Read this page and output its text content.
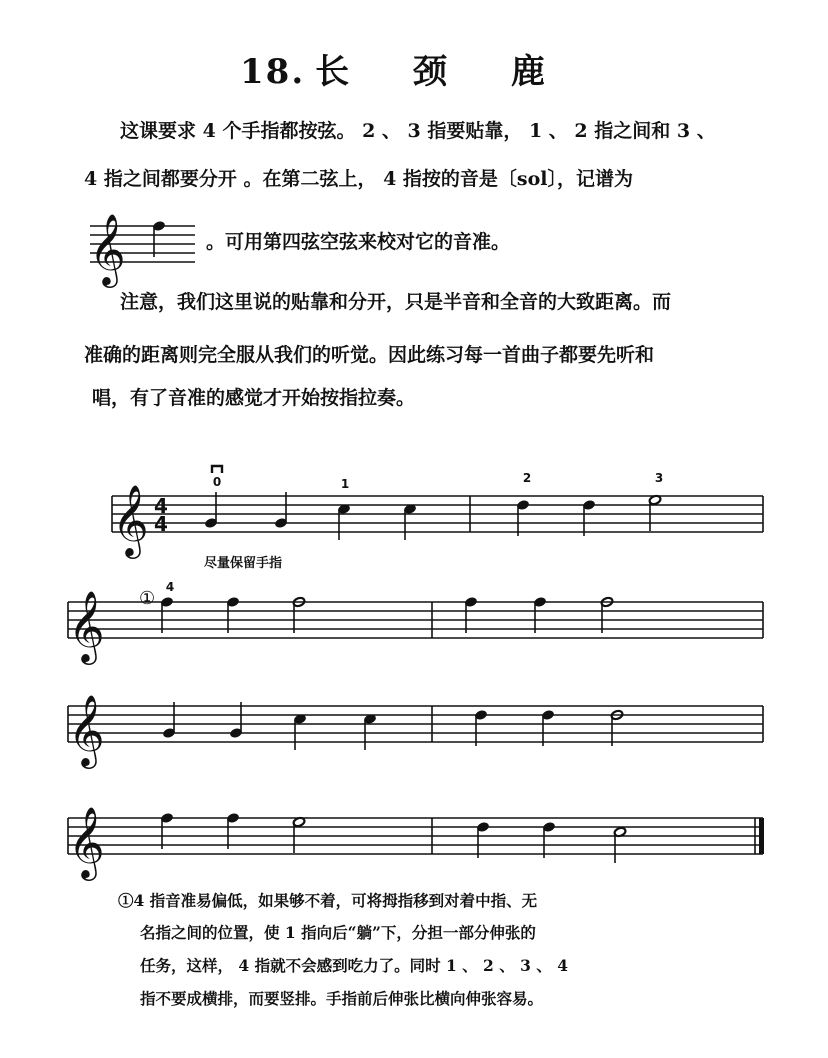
18. 长 颈 鹿
这课要求 4 个手指都按弦。 2 、 3 指要贴靠， 1 、 2 指之间和 3 、
4 指之间都要分开 。在第二弦上， 4 指按的音是〔sol〕，记谱为
。可用第四弦空弦来校对它的音准。
注意，我们这里说的贴靠和分开，只是半音和全音的大致距离。而
准确的距离则完全服从我们的听觉。因此练习每一首曲子都要先听和
唱，有了音准的感觉才开始按指拉奏。
𝄞
𝄞
𝄞
𝄞
𝄞
4
4
0	1	2	3
4
①
尽量保留手指
①4 指音准易偏低，如果够不着，可将拇指移到对着中指、无
名指之间的位置，使 1 指向后“躺”下，分担一部分伸张的
任务，这样， 4 指就不会感到吃力了。同时 1 、 2 、 3 、 4
指不要成横排，而要竖排。手指前后伸张比横向伸张容易。
